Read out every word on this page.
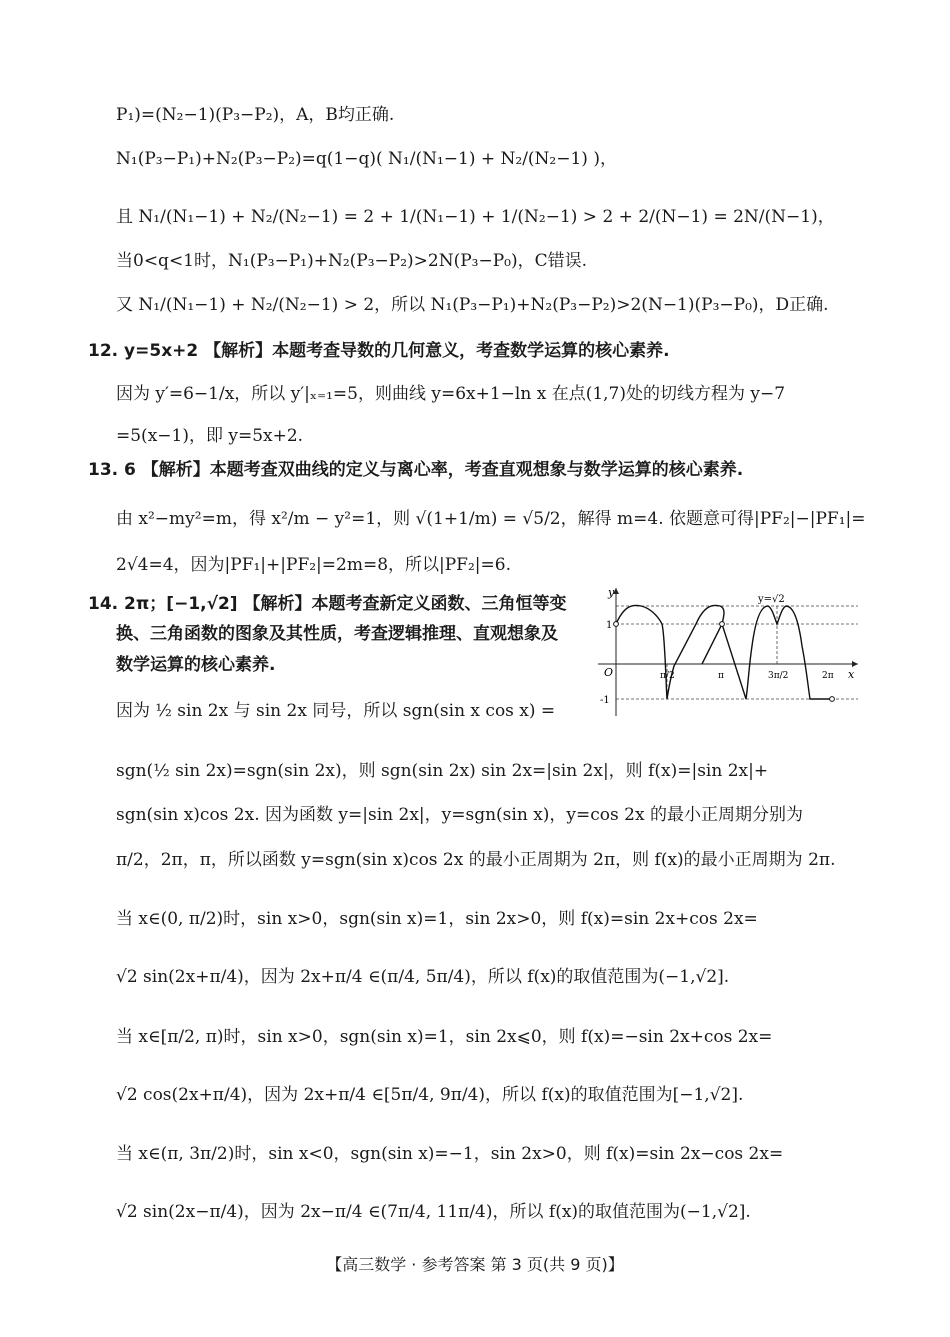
P₁)=(N₂−1)(P₃−P₂)，A，B均正确.
N₁(P₃−P₁)+N₂(P₃−P₂)=q(1−q)( N₁/(N₁−1) + N₂/(N₂−1) )，
且 N₁/(N₁−1) + N₂/(N₂−1) = 2 + 1/(N₁−1) + 1/(N₂−1) > 2 + 2/(N−1) = 2N/(N−1)，
当0<q<1时，N₁(P₃−P₁)+N₂(P₃−P₂)>2N(P₃−P₀)，C错误.
又 N₁/(N₁−1) + N₂/(N₂−1) > 2，所以 N₁(P₃−P₁)+N₂(P₃−P₂)>2(N−1)(P₃−P₀)，D正确.
12. y=5x+2 【解析】本题考查导数的几何意义，考查数学运算的核心素养.
因为 y′=6−1/x，所以 y′|ₓ₌₁=5，则曲线 y=6x+1−ln x 在点(1,7)处的切线方程为 y−7
=5(x−1)，即 y=5x+2.
13. 6 【解析】本题考查双曲线的定义与离心率，考查直观想象与数学运算的核心素养.
由 x²−my²=m，得 x²/m − y²=1，则 √(1+1/m) = √5/2，解得 m=4. 依题意可得|PF₂|−|PF₁|=
2√4=4，因为|PF₁|+|PF₂|=2m=8，所以|PF₂|=6.
14. 2π；[−1,√2] 【解析】本题考查新定义函数、三角恒等变
换、三角函数的图象及其性质，考查逻辑推理、直观想象及
数学运算的核心素养.
因为 ½ sin 2x 与 sin 2x 同号，所以 sgn(sin x cos x) =
sgn(½ sin 2x)=sgn(sin 2x)，则 sgn(sin 2x) sin 2x=|sin 2x|，则 f(x)=|sin 2x|+
sgn(sin x)cos 2x. 因为函数 y=|sin 2x|，y=sgn(sin x)，y=cos 2x 的最小正周期分别为
π/2，2π，π，所以函数 y=sgn(sin x)cos 2x 的最小正周期为 2π，则 f(x)的最小正周期为 2π.
当 x∈(0, π/2)时，sin x>0，sgn(sin x)=1，sin 2x>0，则 f(x)=sin 2x+cos 2x=
√2 sin(2x+π/4)，因为 2x+π/4 ∈(π/4, 5π/4)，所以 f(x)的取值范围为(−1,√2].
当 x∈[π/2, π)时，sin x>0，sgn(sin x)=1，sin 2x⩽0，则 f(x)=−sin 2x+cos 2x=
√2 cos(2x+π/4)，因为 2x+π/4 ∈[5π/4, 9π/4)，所以 f(x)的取值范围为[−1,√2].
当 x∈(π, 3π/2)时，sin x<0，sgn(sin x)=−1，sin 2x>0，则 f(x)=sin 2x−cos 2x=
√2 sin(2x−π/4)，因为 2x−π/4 ∈(7π/4, 11π/4)，所以 f(x)的取值范围为(−1,√2].
y
x
O
y=√2
1
-1
π/2	π	3π/2	2π
【高三数学 · 参考答案 第 3 页(共 9 页)】
